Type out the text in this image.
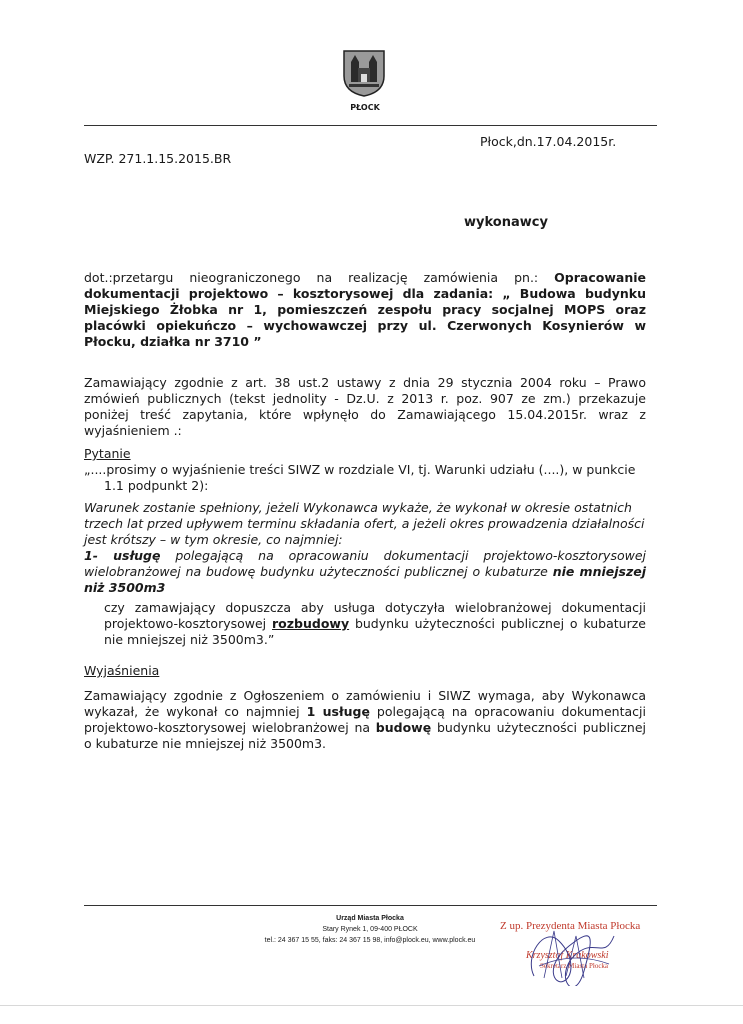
PŁOCK
Płock,dn.17.04.2015r.
WZP. 271.1.15.2015.BR
wykonawcy
dot.:przetargu nieograniczonego na realizację zamówienia pn.: Opracowanie dokumentacji projektowo – kosztorysowej dla zadania: „ Budowa budynku Miejskiego Żłobka nr 1, pomieszczeń zespołu pracy socjalnej MOPS oraz placówki opiekuńczo – wychowawczej przy ul. Czerwonych Kosynierów w Płocku, działka nr 3710 ”
Zamawiający zgodnie z art. 38 ust.2 ustawy z dnia 29 stycznia 2004 roku – Prawo zmówień publicznych (tekst jednolity - Dz.U. z 2013 r. poz. 907 ze zm.) przekazuje poniżej treść zapytania, które wpłynęło do Zamawiającego 15.04.2015r. wraz z wyjaśnieniem .:
Pytanie
„....prosimy o wyjaśnienie treści SIWZ w rozdziale VI, tj. Warunki udziału (....), w punkcie
1.1 podpunkt 2):
Warunek zostanie spełniony, jeżeli Wykonawca wykaże, że wykonał w okresie ostatnich trzech lat przed upływem terminu składania ofert, a jeżeli okres prowadzenia działalności jest krótszy – w tym okresie, co najmniej:
1- usługę polegającą na opracowaniu dokumentacji projektowo-kosztorysowej wielobranżowej na budowę budynku użyteczności publicznej o kubaturze nie mniejszej niż 3500m3
czy zamawjający dopuszcza aby usługa dotyczyła wielobranżowej dokumentacji projektowo-kosztorysowej rozbudowy budynku użyteczności publicznej o kubaturze nie mniejszej niż 3500m3.”
Wyjaśnienia
Zamawiający zgodnie z Ogłoszeniem o zamówieniu i SIWZ wymaga, aby Wykonawca wykazał, że wykonał co najmniej 1 usługę polegającą na opracowaniu dokumentacji projektowo-kosztorysowej wielobranżowej na budowę budynku użyteczności publicznej o kubaturze nie mniejszej niż 3500m3.
Urząd Miasta Płocka
Stary Rynek 1, 09-400 PŁOCK
tel.: 24 367 15 55, faks: 24 367 15 98, info@plock.eu, www.plock.eu
Z up. Prezydenta Miasta Płocka
Krzysztof Krakowski
Sekretarz Miasta Płocka
